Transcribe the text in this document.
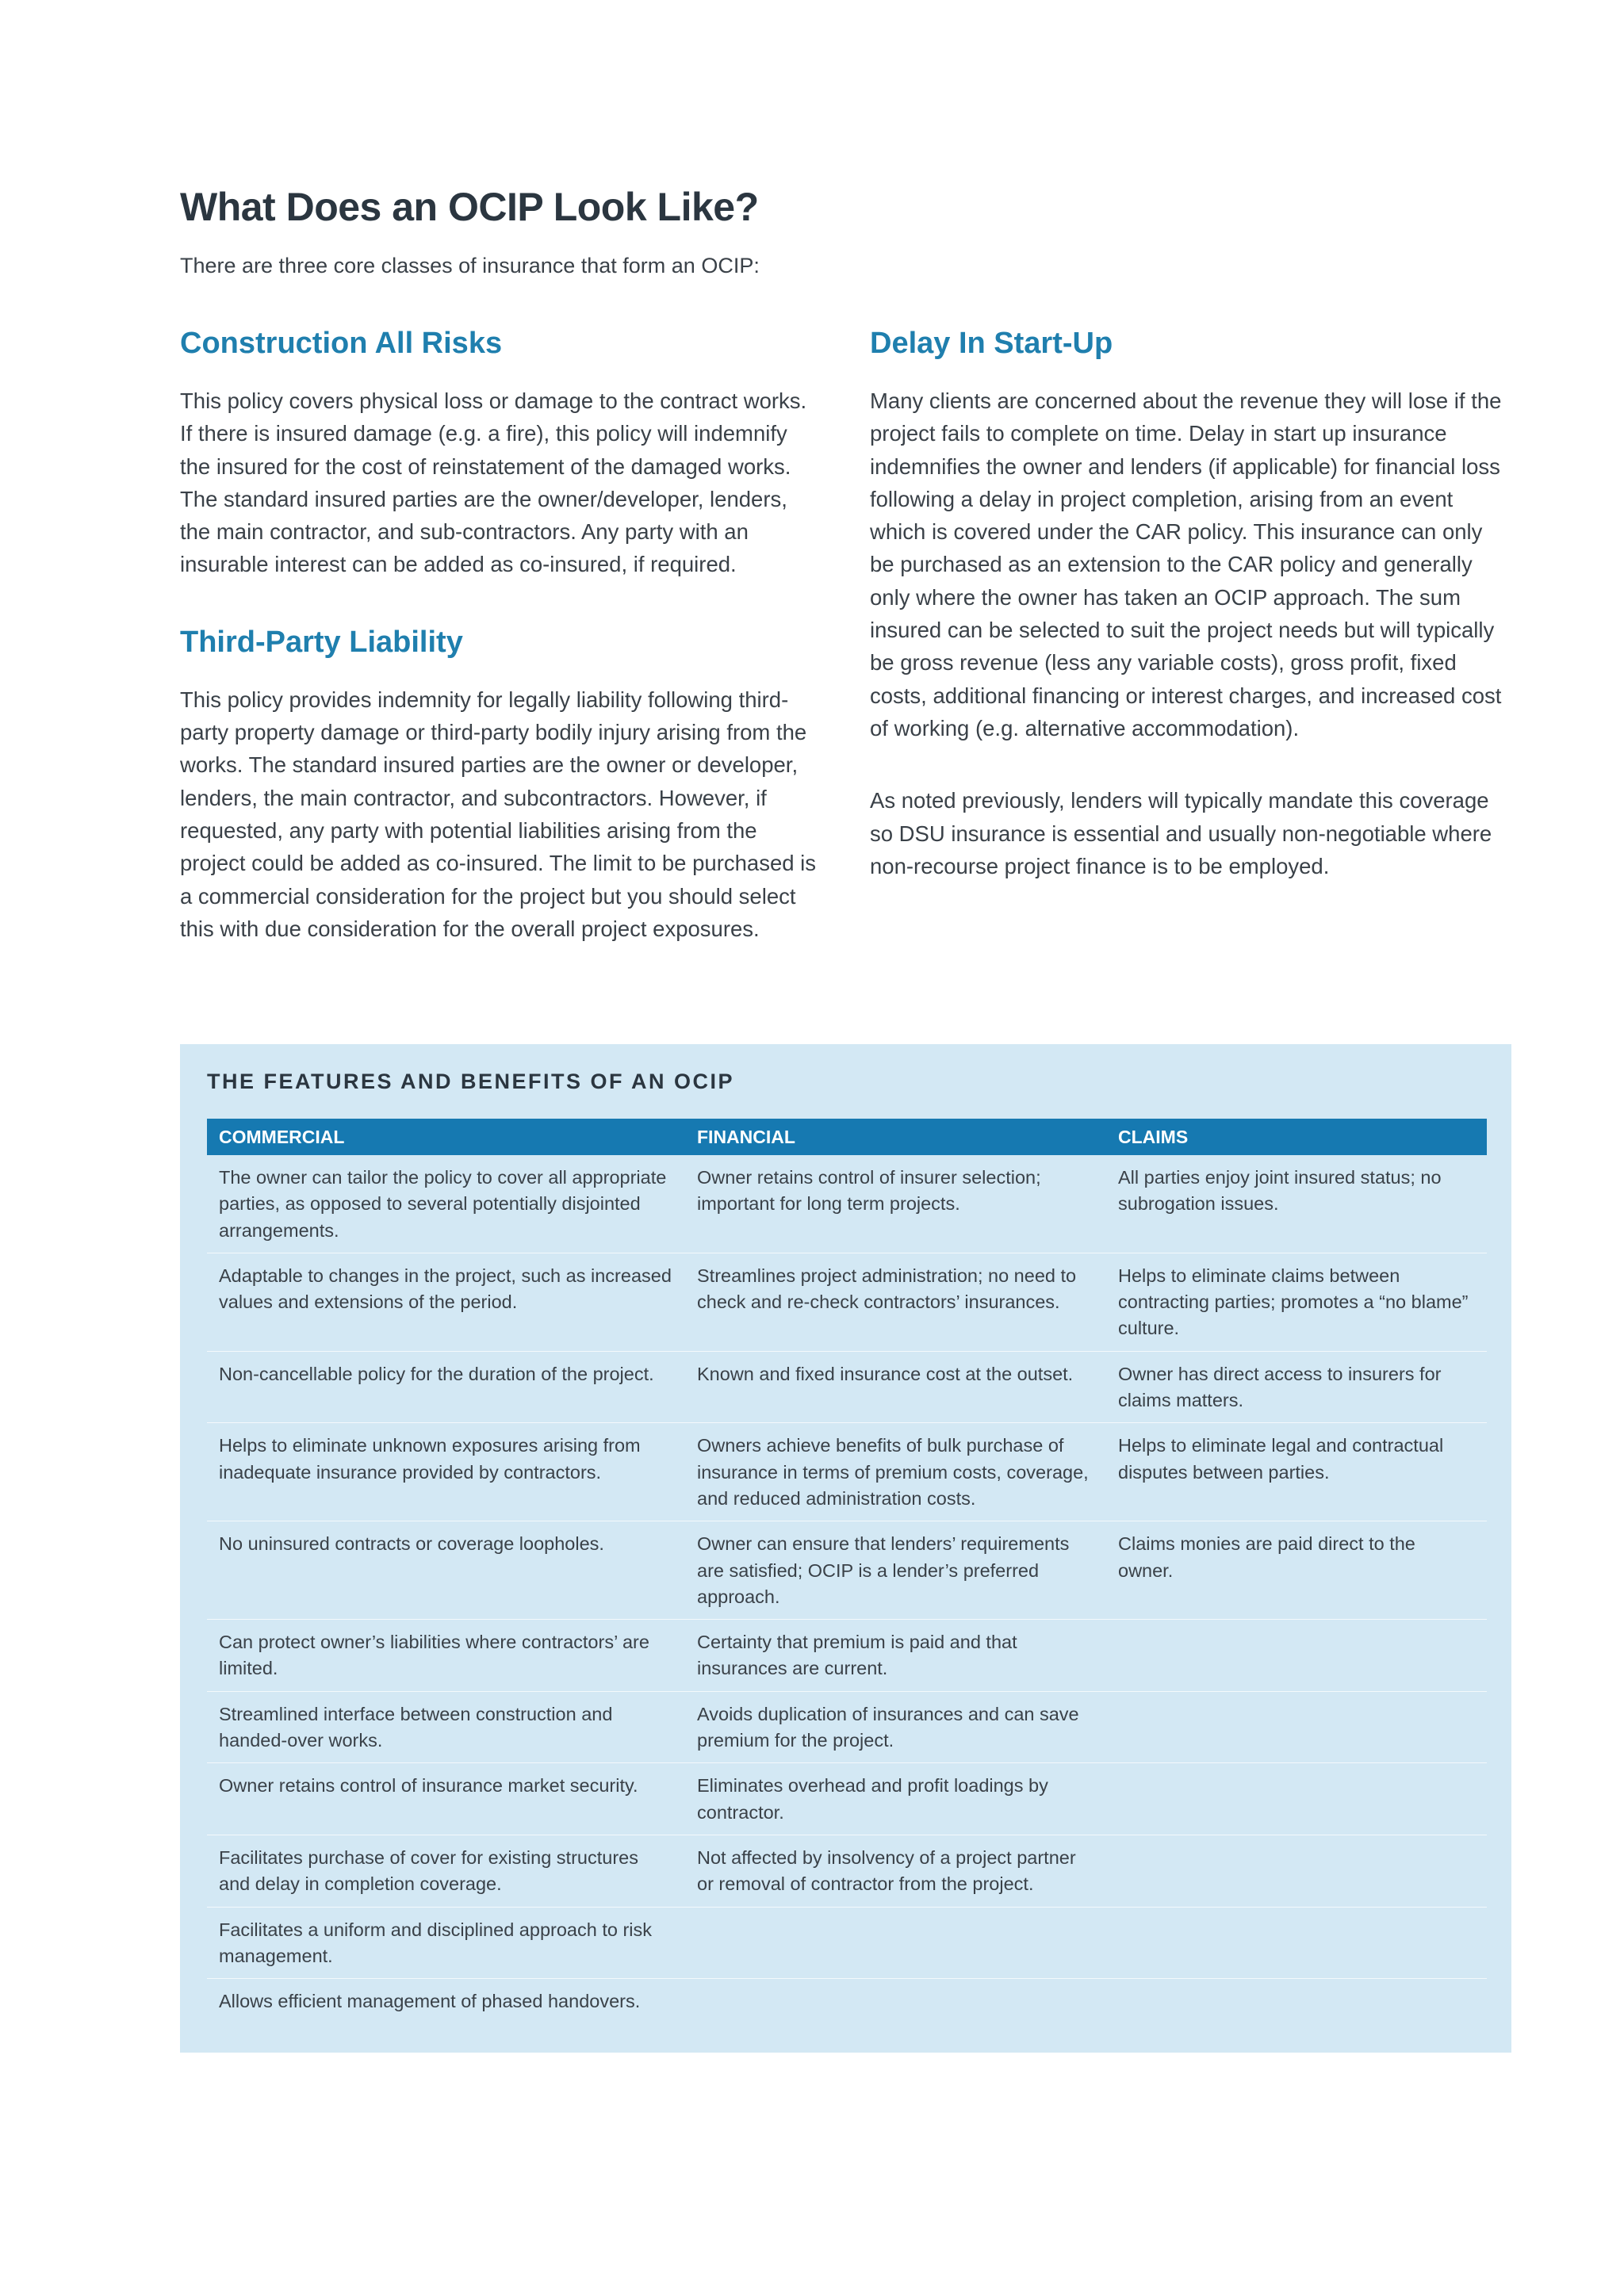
What Does an OCIP Look Like?

There are three core classes of insurance that form an OCIP:

Construction All Risks

This policy covers physical loss or damage to the contract works. If there is insured damage (e.g. a fire), this policy will indemnify the insured for the cost of reinstatement of the damaged works. The standard insured parties are the owner/developer, lenders, the main contractor, and sub-contractors. Any party with an insurable interest can be added as co-insured, if required.

Third-Party Liability

This policy provides indemnity for legally liability following third-party property damage or third-party bodily injury arising from the works. The standard insured parties are the owner or developer, lenders, the main contractor, and subcontractors. However, if requested, any party with potential liabilities arising from the project could be added as co-insured. The limit to be purchased is a commercial consideration for the project but you should select this with due consideration for the overall project exposures.

Delay In Start-Up

Many clients are concerned about the revenue they will lose if the project fails to complete on time. Delay in start up insurance indemnifies the owner and lenders (if applicable) for financial loss following a delay in project completion, arising from an event which is covered under the CAR policy. This insurance can only be purchased as an extension to the CAR policy and generally only where the owner has taken an OCIP approach. The sum insured can be selected to suit the project needs but will typically be gross revenue (less any variable costs), gross profit, fixed costs, additional financing or interest charges, and increased cost of working (e.g. alternative accommodation).

As noted previously, lenders will typically mandate this coverage so DSU insurance is essential and usually non-negotiable where non-recourse project finance is to be employed.

THE FEATURES AND BENEFITS OF AN OCIP
COMMERCIAL	FINANCIAL	CLAIMS
The owner can tailor the policy to cover all appropriate parties, as opposed to several potentially disjointed arrangements.	Owner retains control of insurer selection; important for long term projects.	All parties enjoy joint insured status; no subrogation issues.
Adaptable to changes in the project, such as increased values and extensions of the period.	Streamlines project administration; no need to check and re-check contractors’ insurances.	Helps to eliminate claims between contracting parties; promotes a “no blame” culture.
Non-cancellable policy for the duration of the project.	Known and fixed insurance cost at the outset.	Owner has direct access to insurers for claims matters.
Helps to eliminate unknown exposures arising from inadequate insurance provided by contractors.	Owners achieve benefits of bulk purchase of insurance in terms of premium costs, coverage, and reduced administration costs.	Helps to eliminate legal and contractual disputes between parties.
No uninsured contracts or coverage loopholes.	Owner can ensure that lenders’ requirements are satisfied; OCIP is a lender’s preferred approach.	Claims monies are paid direct to the owner.
Can protect owner’s liabilities where contractors’ are limited.	Certainty that premium is paid and that insurances are current.	
Streamlined interface between construction and handed-over works.	Avoids duplication of insurances and can save premium for the project.	
Owner retains control of insurance market security.	Eliminates overhead and profit loadings by contractor.	
Facilitates purchase of cover for existing structures and delay in completion coverage.	Not affected by insolvency of a project partner or removal of contractor from the project.	
Facilitates a uniform and disciplined approach to risk management.		
Allows efficient management of phased handovers.		
